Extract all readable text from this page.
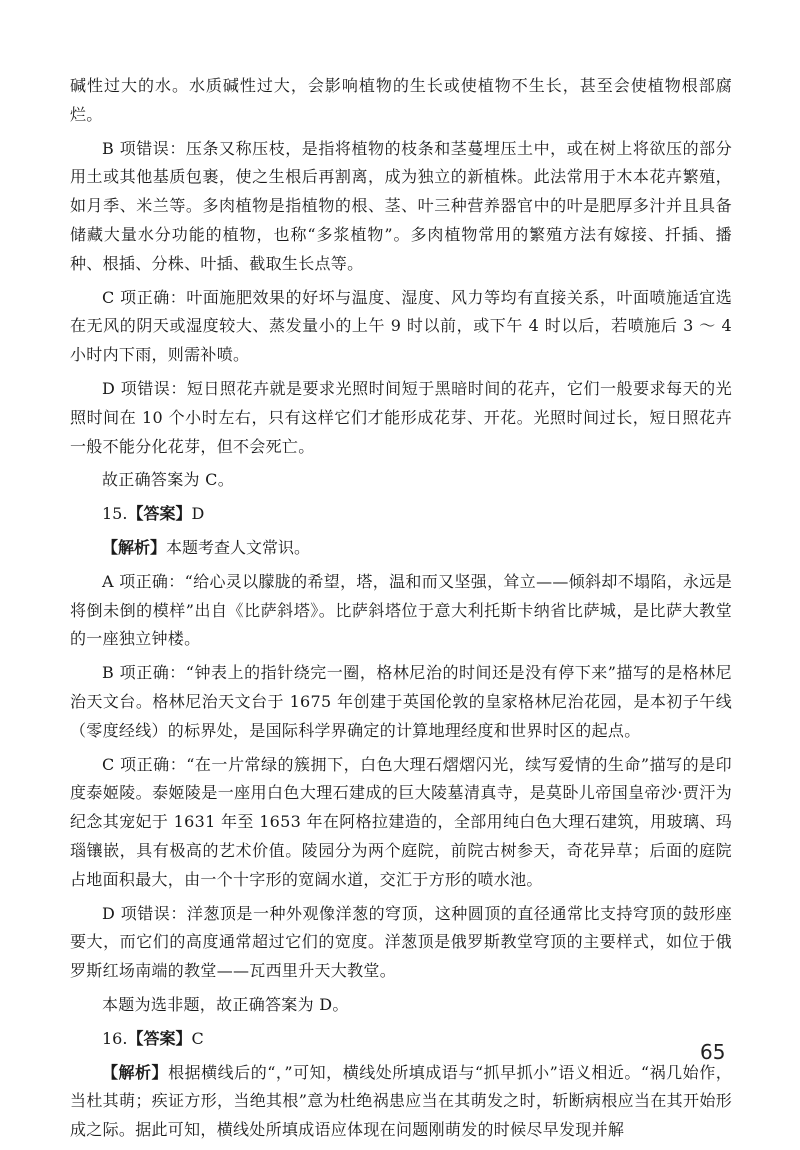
碱性过大的水。水质碱性过大，会影响植物的生长或使植物不生长，甚至会使植物根部腐烂。

B 项错误：压条又称压枝，是指将植物的枝条和茎蔓埋压土中，或在树上将欲压的部分用土或其他基质包裹，使之生根后再割离，成为独立的新植株。此法常用于木本花卉繁殖，如月季、米兰等。多肉植物是指植物的根、茎、叶三种营养器官中的叶是肥厚多汁并且具备储藏大量水分功能的植物，也称“多浆植物”。多肉植物常用的繁殖方法有嫁接、扦插、播种、根插、分株、叶插、截取生长点等。

C 项正确：叶面施肥效果的好坏与温度、湿度、风力等均有直接关系，叶面喷施适宜选在无风的阴天或湿度较大、蒸发量小的上午 9 时以前，或下午 4 时以后，若喷施后 3 ～ 4 小时内下雨，则需补喷。

D 项错误：短日照花卉就是要求光照时间短于黑暗时间的花卉，它们一般要求每天的光照时间在 10 个小时左右，只有这样它们才能形成花芽、开花。光照时间过长，短日照花卉一般不能分化花芽，但不会死亡。

故正确答案为 C。

15.【答案】D

【解析】本题考查人文常识。

A 项正确：“给心灵以朦胧的希望，塔，温和而又坚强，耸立——倾斜却不塌陷，永远是将倒未倒的模样”出自《比萨斜塔》。比萨斜塔位于意大利托斯卡纳省比萨城，是比萨大教堂的一座独立钟楼。

B 项正确：“钟表上的指针绕完一圈，格林尼治的时间还是没有停下来”描写的是格林尼治天文台。格林尼治天文台于 1675 年创建于英国伦敦的皇家格林尼治花园，是本初子午线（零度经线）的标界处，是国际科学界确定的计算地理经度和世界时区的起点。

C 项正确：“在一片常绿的簇拥下，白色大理石熠熠闪光，续写爱情的生命”描写的是印度泰姬陵。泰姬陵是一座用白色大理石建成的巨大陵墓清真寺，是莫卧儿帝国皇帝沙·贾汗为纪念其宠妃于 1631 年至 1653 年在阿格拉建造的，全部用纯白色大理石建筑，用玻璃、玛瑙镶嵌，具有极高的艺术价值。陵园分为两个庭院，前院古树参天，奇花异草；后面的庭院占地面积最大，由一个十字形的宽阔水道，交汇于方形的喷水池。

D 项错误：洋葱顶是一种外观像洋葱的穹顶，这种圆顶的直径通常比支持穹顶的鼓形座要大，而它们的高度通常超过它们的宽度。洋葱顶是俄罗斯教堂穹顶的主要样式，如位于俄罗斯红场南端的教堂——瓦西里升天大教堂。

本题为选非题，故正确答案为 D。

16.【答案】C

【解析】根据横线后的“，”可知，横线处所填成语与“抓早抓小”语义相近。“祸几始作，当杜其萌；疾证方形，当绝其根”意为杜绝祸患应当在其萌发之时，斩断病根应当在其开始形成之际。据此可知，横线处所填成语应体现在问题刚萌发的时候尽早发现并解

65
